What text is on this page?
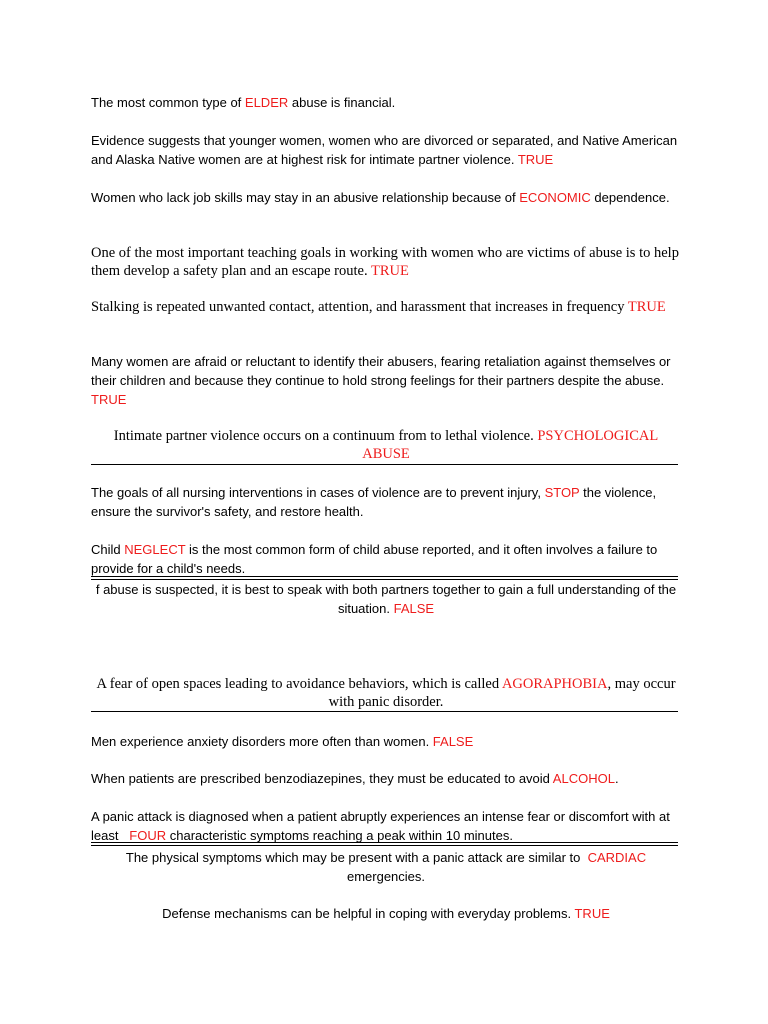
The most common type of ELDER abuse is financial.

Evidence suggests that younger women, women who are divorced or separated, and Native American and Alaska Native women are at highest risk for intimate partner violence. TRUE

Women who lack job skills may stay in an abusive relationship because of ECONOMIC dependence.

One of the most important teaching goals in working with women who are victims of abuse is to help them develop a safety plan and an escape route. TRUE

Stalking is repeated unwanted contact, attention, and harassment that increases in frequency TRUE

Many women are afraid or reluctant to identify their abusers, fearing retaliation against themselves or their children and because they continue to hold strong feelings for their partners despite the abuse. TRUE

Intimate partner violence occurs on a continuum from to lethal violence. PSYCHOLOGICAL ABUSE

The goals of all nursing interventions in cases of violence are to prevent injury, STOP the violence, ensure the survivor's safety, and restore health.

Child NEGLECT is the most common form of child abuse reported, and it often involves a failure to provide for a child's needs.

f abuse is suspected, it is best to speak with both partners together to gain a full understanding of the situation. FALSE

A fear of open spaces leading to avoidance behaviors, which is called AGORAPHOBIA, may occur with panic disorder.

Men experience anxiety disorders more often than women. FALSE

When patients are prescribed benzodiazepines, they must be educated to avoid ALCOHOL.

A panic attack is diagnosed when a patient abruptly experiences an intense fear or discomfort with at least   FOUR characteristic symptoms reaching a peak within 10 minutes.

The physical symptoms which may be present with a panic attack are similar to  CARDIAC emergencies.

Defense mechanisms can be helpful in coping with everyday problems. TRUE
